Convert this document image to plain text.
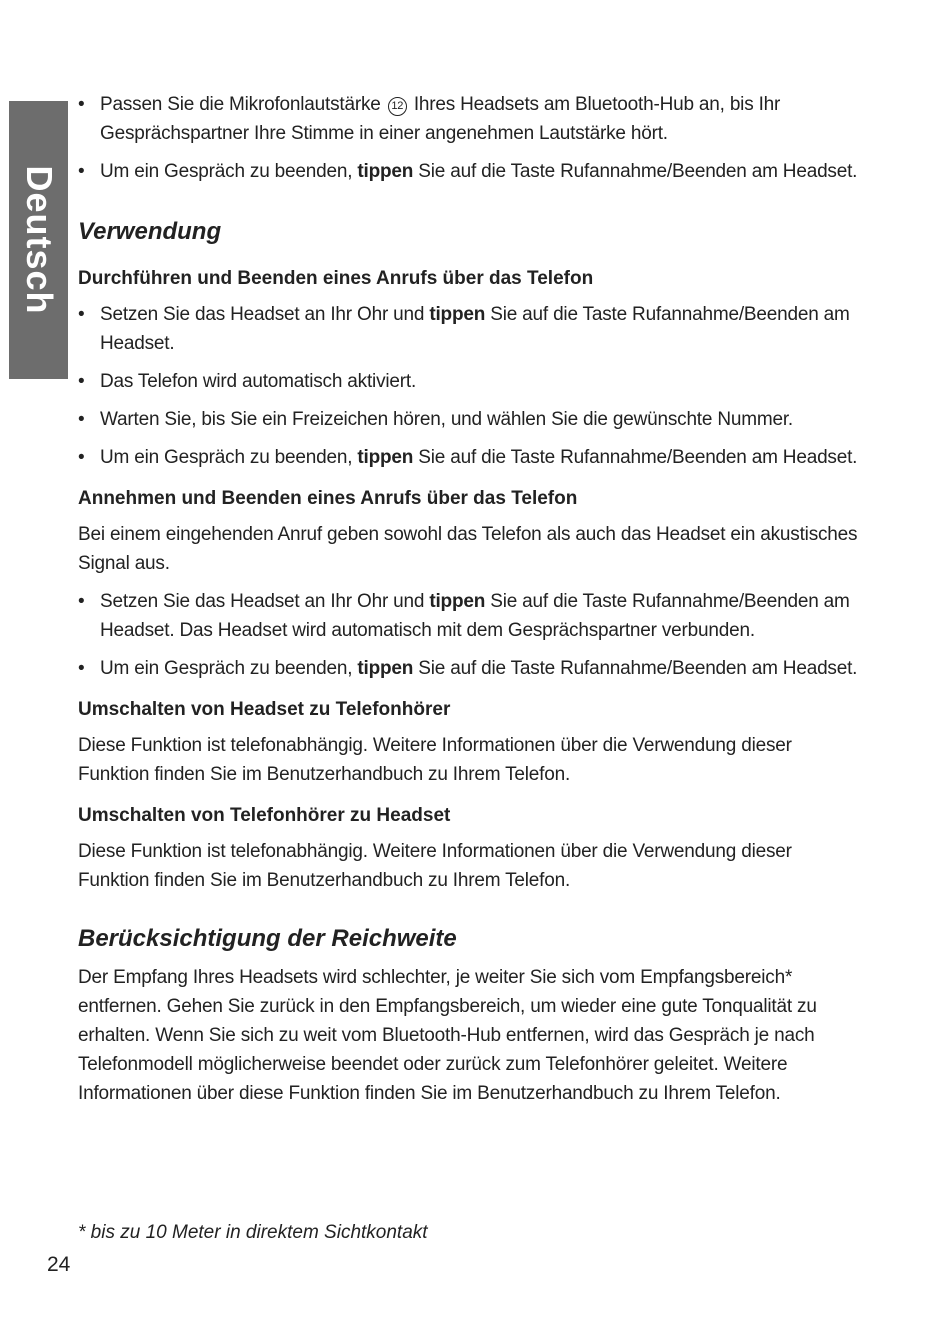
Deutsch
• Passen Sie die Mikrofonlautstärke 12 Ihres Headsets am Bluetooth-Hub an, bis Ihr Gesprächspartner Ihre Stimme in einer angenehmen Lautstärke hört.
• Um ein Gespräch zu beenden, tippen Sie auf die Taste Rufannahme/Beenden am Headset.
Verwendung
Durchführen und Beenden eines Anrufs über das Telefon
• Setzen Sie das Headset an Ihr Ohr und tippen Sie auf die Taste Rufannahme/Beenden am Headset.
• Das Telefon wird automatisch aktiviert.
• Warten Sie, bis Sie ein Freizeichen hören, und wählen Sie die gewünschte Nummer.
• Um ein Gespräch zu beenden, tippen Sie auf die Taste Rufannahme/Beenden am Headset.
Annehmen und Beenden eines Anrufs über das Telefon

Bei einem eingehenden Anruf geben sowohl das Telefon als auch das Headset ein akustisches Signal aus.

• Setzen Sie das Headset an Ihr Ohr und tippen Sie auf die Taste Rufannahme/Beenden am Headset. Das Headset wird automatisch mit dem Gesprächspartner verbunden.
• Um ein Gespräch zu beenden, tippen Sie auf die Taste Rufannahme/Beenden am Headset.
Umschalten von Headset zu Telefonhörer

Diese Funktion ist telefonabhängig. Weitere Informationen über die Verwendung dieser Funktion finden Sie im Benutzerhandbuch zu Ihrem Telefon.

Umschalten von Telefonhörer zu Headset

Diese Funktion ist telefonabhängig. Weitere Informationen über die Verwendung dieser Funktion finden Sie im Benutzerhandbuch zu Ihrem Telefon.

Berücksichtigung der Reichweite

Der Empfang Ihres Headsets wird schlechter, je weiter Sie sich vom Empfangsbereich* entfernen. Gehen Sie zurück in den Empfangsbereich, um wieder eine gute Tonqualität zu erhalten. Wenn Sie sich zu weit vom Bluetooth-Hub entfernen, wird das Gespräch je nach Telefonmodell möglicherweise beendet oder zurück zum Telefonhörer geleitet. Weitere Informationen über diese Funktion finden Sie im Benutzerhandbuch zu Ihrem Telefon.

* bis zu 10 Meter in direktem Sichtkontakt
24
